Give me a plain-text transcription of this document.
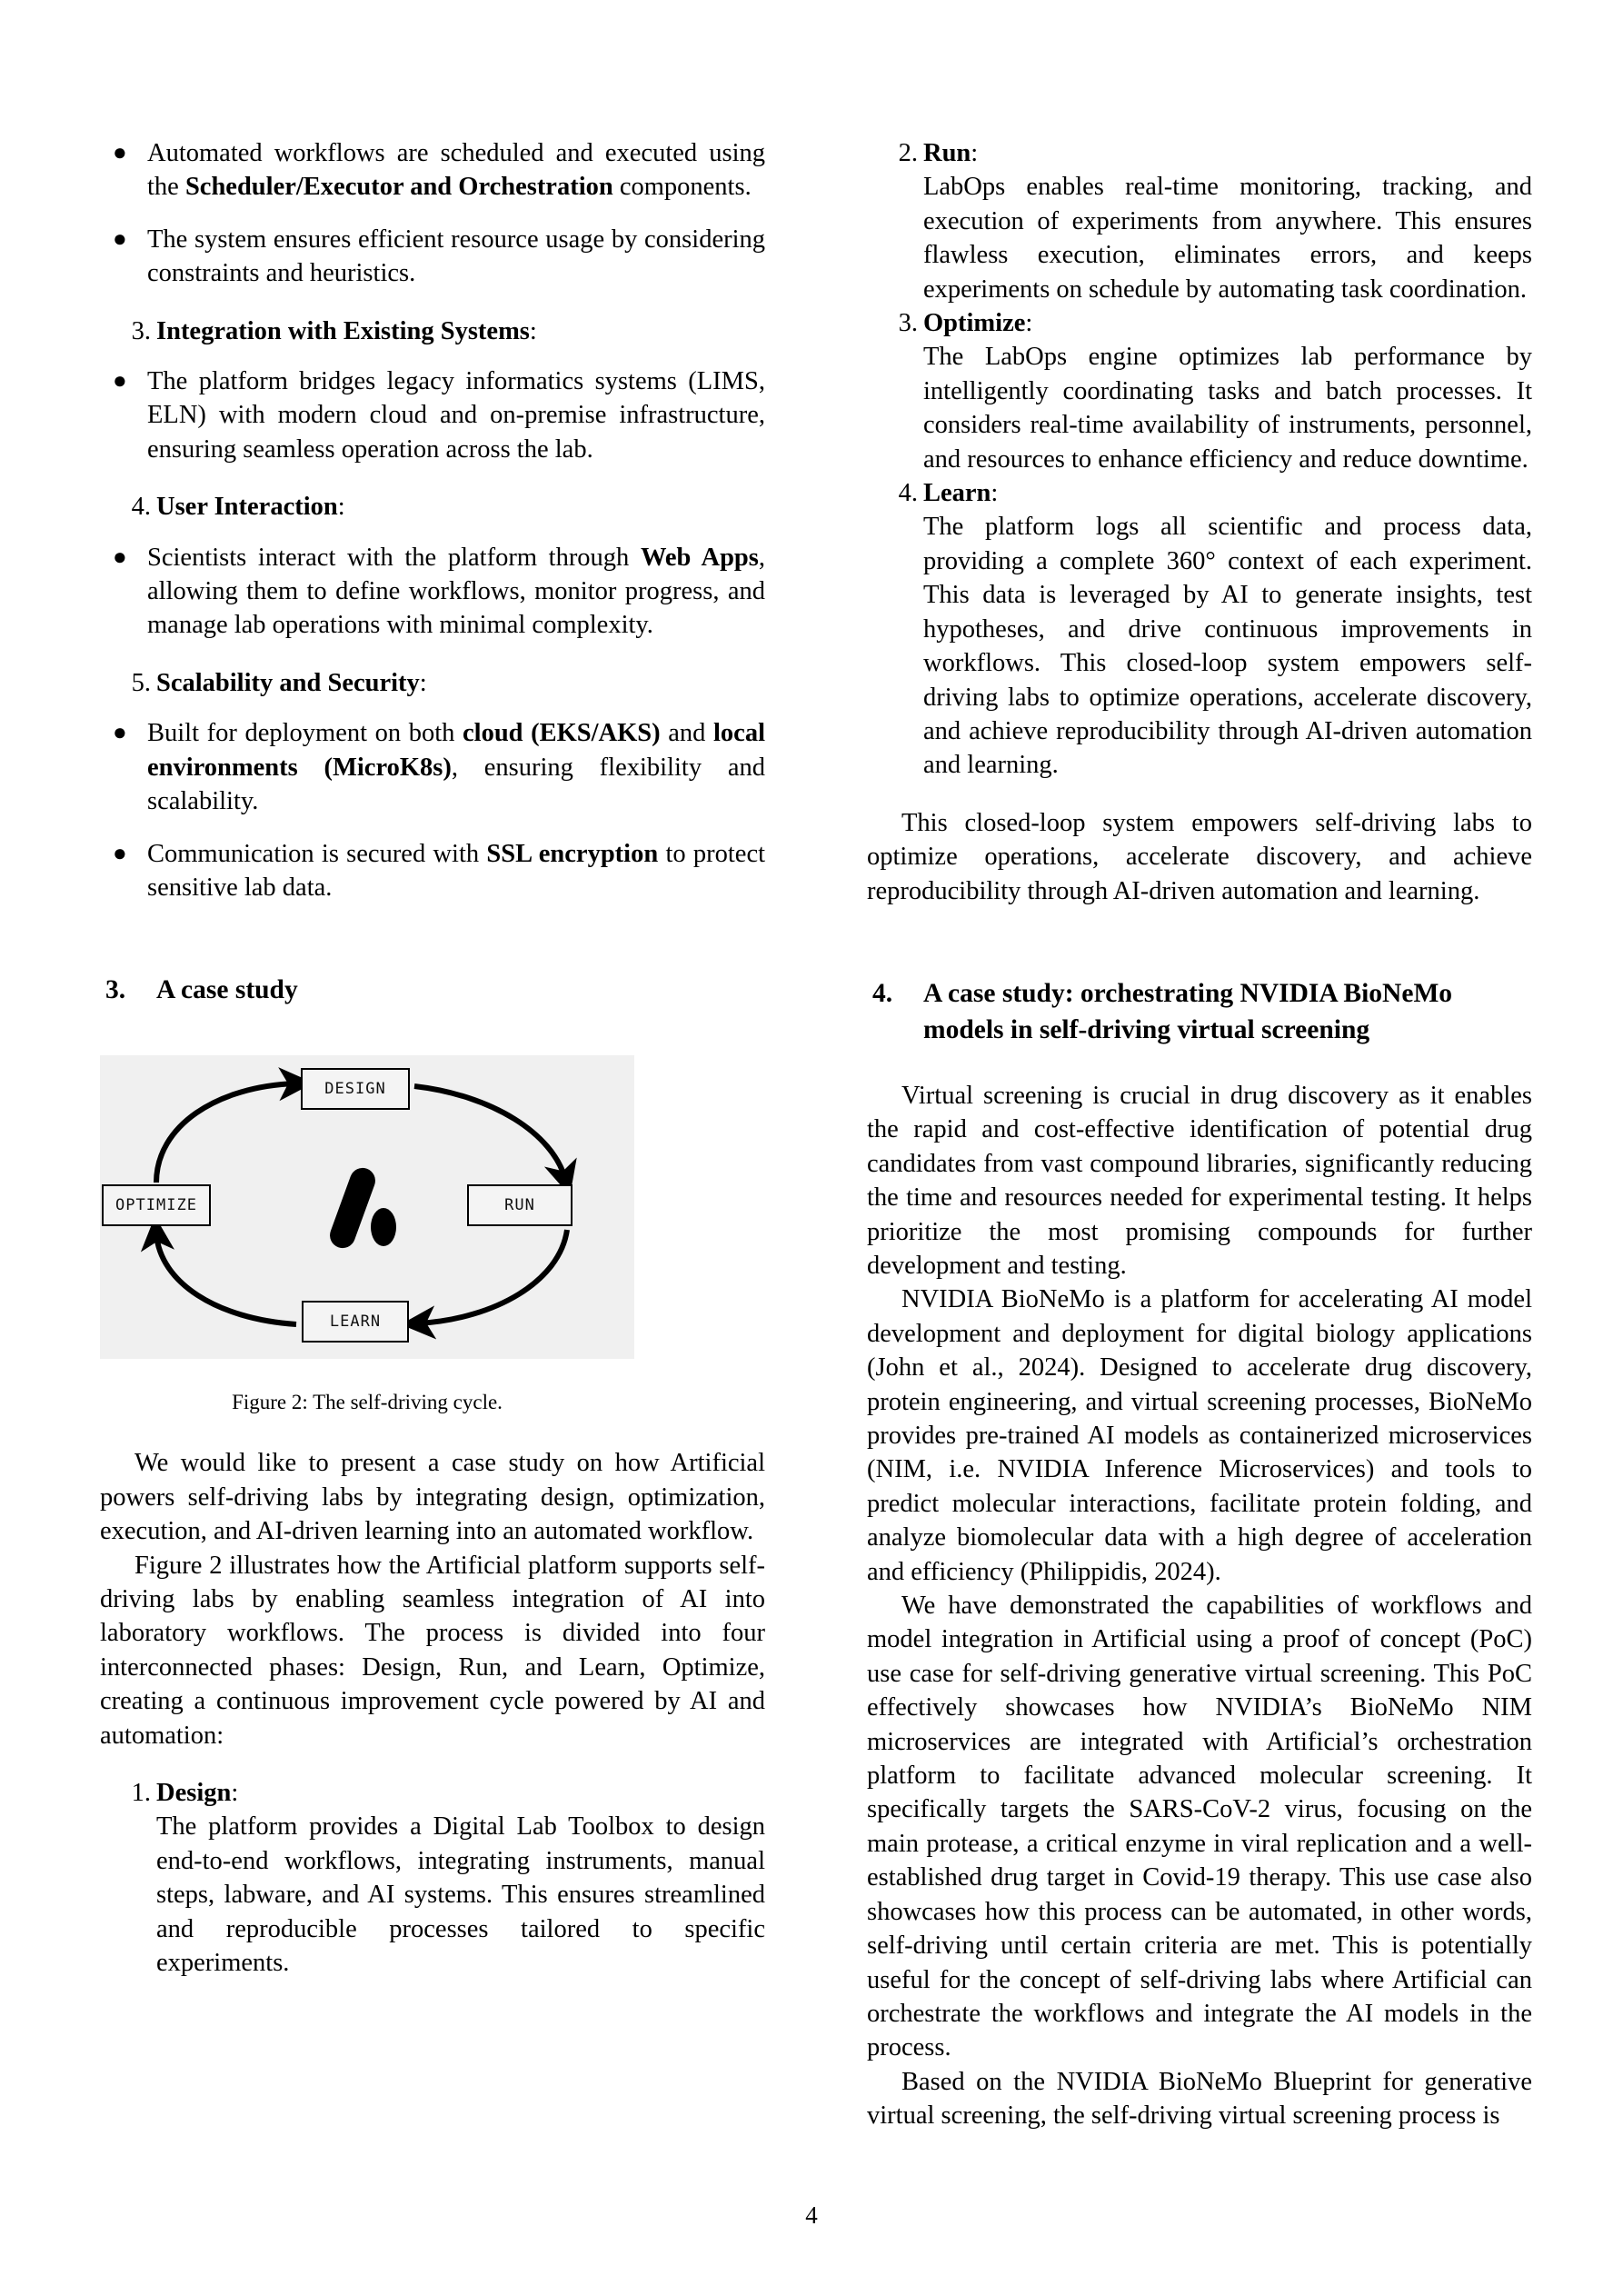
● Automated workflows are scheduled and executed using the Scheduler/Executor and Orchestration components.
● The system ensures efficient resource usage by considering constraints and heuristics.
3. Integration with Existing Systems:
● The platform bridges legacy informatics systems (LIMS, ELN) with modern cloud and on-premise infrastructure, ensuring seamless operation across the lab.
4. User Interaction:
● Scientists interact with the platform through Web Apps, allowing them to define workflows, monitor progress, and manage lab operations with minimal complexity.
5. Scalability and Security:
● Built for deployment on both cloud (EKS/AKS) and local environments (MicroK8s), ensuring flexibility and scalability.
● Communication is secured with SSL encryption to protect sensitive lab data.
3.	A case study
DESIGN
RUN
LEARN
OPTIMIZE
Figure 2: The self-driving cycle.

We would like to present a case study on how Artificial powers self-driving labs by integrating design, optimization, execution, and AI-driven learning into an automated workflow.

Figure 2 illustrates how the Artificial platform supports self-driving labs by enabling seamless integration of AI into laboratory workflows. The process is divided into four interconnected phases: Design, Run, and Learn, Optimize, creating a continuous improvement cycle powered by AI and automation:

1. Design:
The platform provides a Digital Lab Toolbox to design end-to-end workflows, integrating instruments, manual steps, labware, and AI systems. This ensures streamlined and reproducible processes tailored to specific experiments.
2. Run:
LabOps enables real-time monitoring, tracking, and execution of experiments from anywhere. This ensures flawless execution, eliminates errors, and keeps experiments on schedule by automating task coordination.
3. Optimize:
The LabOps engine optimizes lab performance by intelligently coordinating tasks and batch processes. It considers real-time availability of instruments, personnel, and resources to enhance efficiency and reduce downtime.
4. Learn:
The platform logs all scientific and process data, providing a complete 360° context of each experiment. This data is leveraged by AI to generate insights, test hypotheses, and drive continuous improvements in workflows. This closed-loop system empowers self-driving labs to optimize operations, accelerate discovery, and achieve reproducibility through AI-driven automation and learning.

This closed-loop system empowers self-driving labs to optimize operations, accelerate discovery, and achieve reproducibility through AI-driven automation and learning.

4.	A case study: orchestrating NVIDIA BioNeMo models in self-driving virtual screening

Virtual screening is crucial in drug discovery as it enables the rapid and cost-effective identification of potential drug candidates from vast compound libraries, significantly reducing the time and resources needed for experimental testing. It helps prioritize the most promising compounds for further development and testing.

NVIDIA BioNeMo is a platform for accelerating AI model development and deployment for digital biology applications (John et al., 2024). Designed to accelerate drug discovery, protein engineering, and virtual screening processes, BioNeMo provides pre-trained AI models as containerized microservices (NIM, i.e. NVIDIA Inference Microservices) and tools to predict molecular interactions, facilitate protein folding, and analyze biomolecular data with a high degree of acceleration and efficiency (Philippidis, 2024).

We have demonstrated the capabilities of workflows and model integration in Artificial using a proof of concept (PoC) use case for self-driving generative virtual screening. This PoC effectively showcases how NVIDIA’s BioNeMo NIM microservices are integrated with Artificial’s orchestration platform to facilitate advanced molecular screening. It specifically targets the SARS-CoV-2 virus, focusing on the main protease, a critical enzyme in viral replication and a well-established drug target in Covid-19 therapy. This use case also showcases how this process can be automated, in other words, self-driving until certain criteria are met. This is potentially useful for the concept of self-driving labs where Artificial can orchestrate the workflows and integrate the AI models in the process.

Based on the NVIDIA BioNeMo Blueprint for generative virtual screening, the self-driving virtual screening process is

4
